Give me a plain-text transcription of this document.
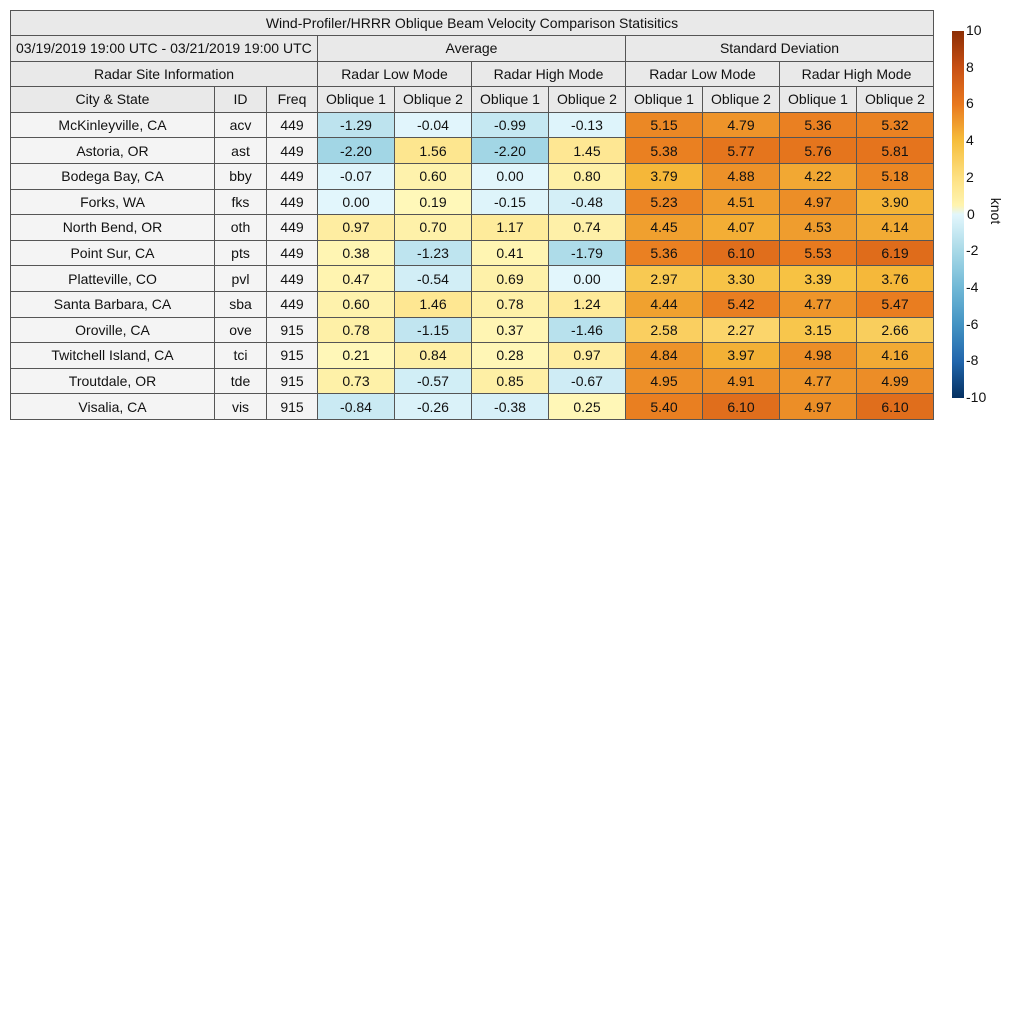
Wind-Profiler/HRRR Oblique Beam Velocity Comparison Statisitics										
03/19/2019 19:00 UTC - 03/21/2019 19:00 UTC			Average				Standard Deviation			
Radar Site Information			Radar Low Mode		Radar High Mode		Radar Low Mode		Radar High Mode	
City & State	ID	Freq	Oblique 1	Oblique 2	Oblique 1	Oblique 2	Oblique 1	Oblique 2	Oblique 1	Oblique 2
McKinleyville, CA	acv	449	-1.29	-0.04	-0.99	-0.13	5.15	4.79	5.36	5.32
Astoria, OR	ast	449	-2.20	1.56	-2.20	1.45	5.38	5.77	5.76	5.81
Bodega Bay, CA	bby	449	-0.07	0.60	0.00	0.80	3.79	4.88	4.22	5.18
Forks, WA	fks	449	0.00	0.19	-0.15	-0.48	5.23	4.51	4.97	3.90
North Bend, OR	oth	449	0.97	0.70	1.17	0.74	4.45	4.07	4.53	4.14
Point Sur, CA	pts	449	0.38	-1.23	0.41	-1.79	5.36	6.10	5.53	6.19
Platteville, CO	pvl	449	0.47	-0.54	0.69	0.00	2.97	3.30	3.39	3.76
Santa Barbara, CA	sba	449	0.60	1.46	0.78	1.24	4.44	5.42	4.77	5.47
Oroville, CA	ove	915	0.78	-1.15	0.37	-1.46	2.58	2.27	3.15	2.66
Twitchell Island, CA	tci	915	0.21	0.84	0.28	0.97	4.84	3.97	4.98	4.16
Troutdale, OR	tde	915	0.73	-0.57	0.85	-0.67	4.95	4.91	4.77	4.99
Visalia, CA	vis	915	-0.84	-0.26	-0.38	0.25	5.40	6.10	4.97	6.10
10
8
6
4
2
0
-2
-4
-6
-8
-10
knot
